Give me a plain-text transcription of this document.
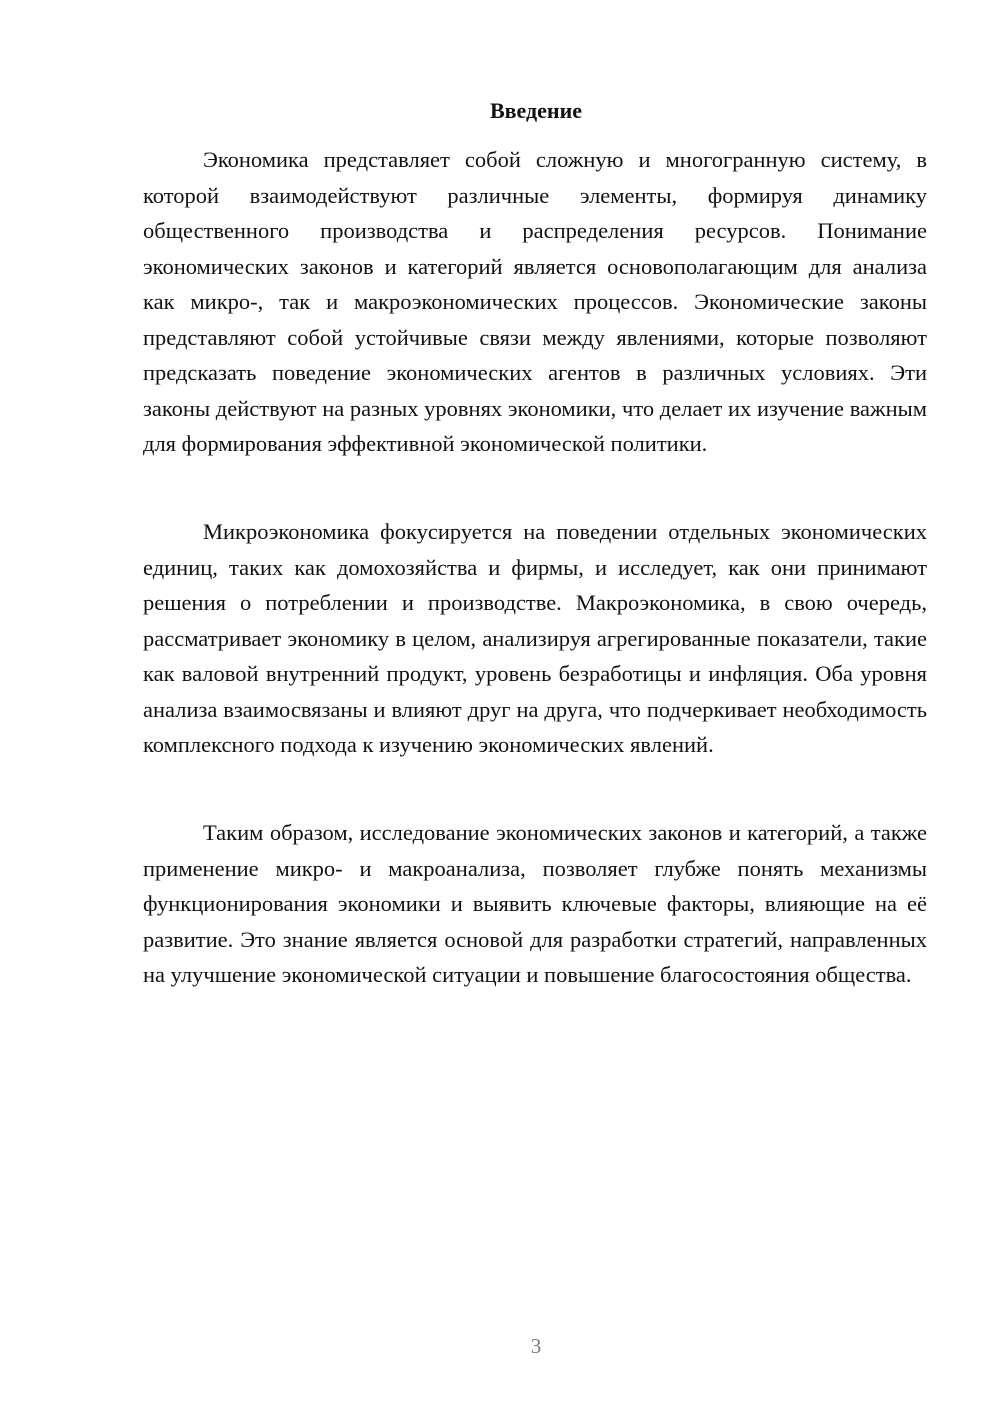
Введение

Экономика представляет собой сложную и многогранную систему, в которой взаимодействуют различные элементы, формируя динамику общественного производства и распределения ресурсов. Понимание экономических законов и категорий является основополагающим для анализа как микро-, так и макроэкономических процессов. Экономические законы представляют собой устойчивые связи между явлениями, которые позволяют предсказать поведение экономических агентов в различных условиях. Эти законы действуют на разных уровнях экономики, что делает их изучение важным для формирования эффективной экономической политики.

Микроэкономика фокусируется на поведении отдельных экономических единиц, таких как домохозяйства и фирмы, и исследует, как они принимают решения о потреблении и производстве. Макроэкономика, в свою очередь, рассматривает экономику в целом, анализируя агрегированные показатели, такие как валовой внутренний продукт, уровень безработицы и инфляция. Оба уровня анализа взаимосвязаны и влияют друг на друга, что подчеркивает необходимость комплексного подхода к изучению экономических явлений.

Таким образом, исследование экономических законов и категорий, а также применение микро- и макроанализа, позволяет глубже понять механизмы функционирования экономики и выявить ключевые факторы, влияющие на её развитие. Это знание является основой для разработки стратегий, направленных на улучшение экономической ситуации и повышение благосостояния общества.

3
